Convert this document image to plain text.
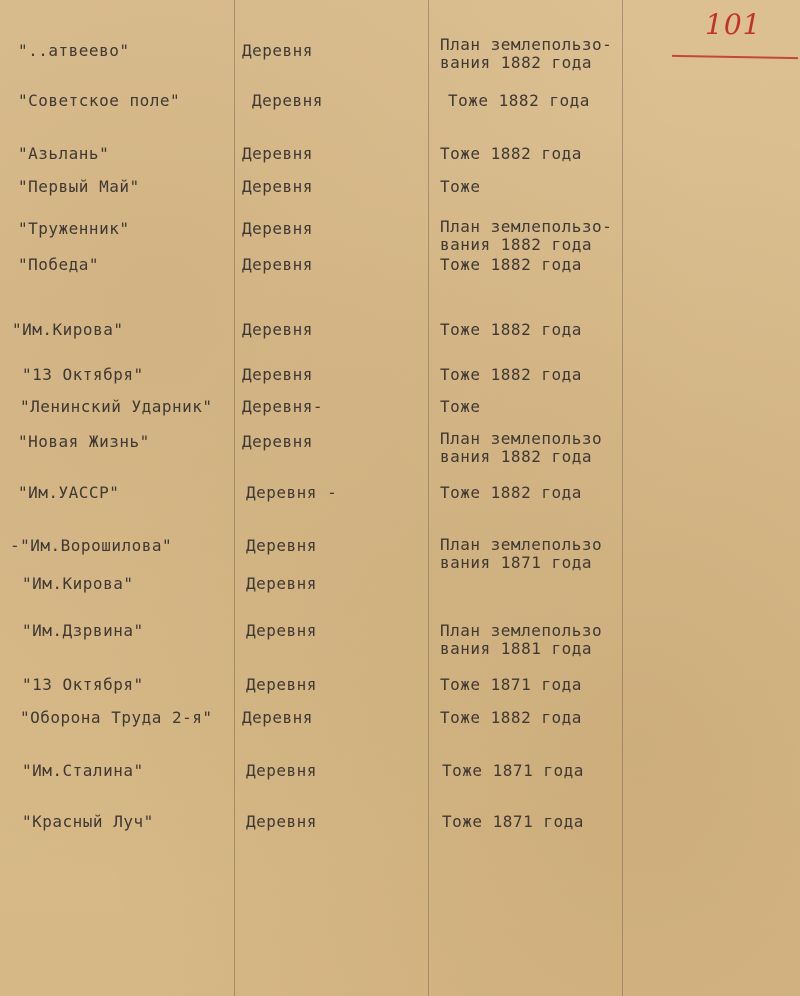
101
"..атвеево"	Деревня	План землепользо-
вания 1882 года
"Советское поле"	Деревня	Тоже 1882 года
"Азьлань"	Деревня	Тоже 1882 года
"Первый Май"	Деревня	Тоже
"Труженник"	Деревня	План землепользо-
вания 1882 года
"Победа"	Деревня	Тоже 1882 года
"Им.Кирова"	Деревня	Тоже 1882 года
"13 Октября"	Деревня	Тоже 1882 года
"Ленинский Ударник" Деревня-	Тоже
"Новая Жизнь"	Деревня	План землепользо
вания 1882 года
"Им.УАССР"	Деревня -	Тоже 1882 года
-"Им.Ворошилова"	Деревня	План землепользо
вания 1871 года
"Им.Кирова"	Деревня
"Им.Дзрвина"	Деревня	План землепользо
вания 1881 года
"13 Октября"	Деревня	Тоже 1871 года
"Оборона Труда 2-я" Деревня	Тоже 1882 года
"Им.Сталина"	Деревня	Тоже 1871 года
"Красный Луч"	Деревня	Тоже 1871 года
